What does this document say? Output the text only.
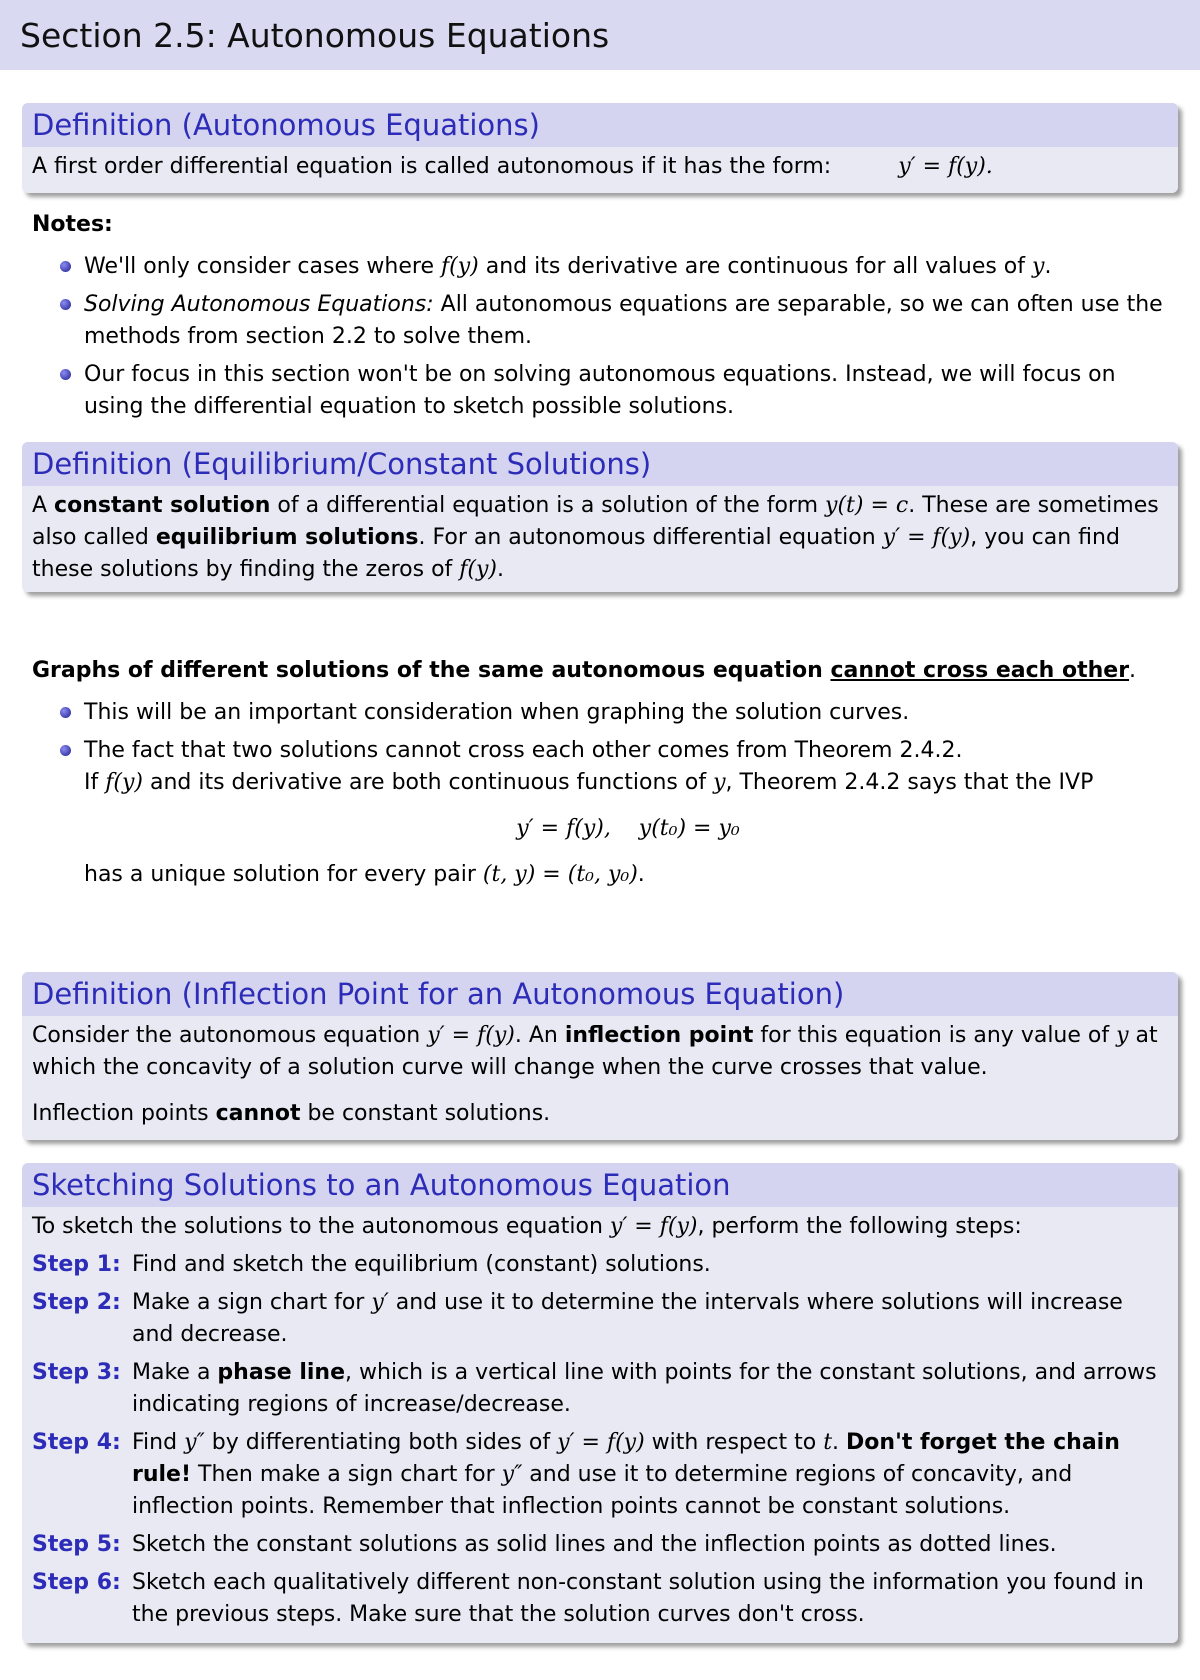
Section 2.5: Autonomous Equations
Definition (Autonomous Equations)
A first order differential equation is called autonomous if it has the form:	y′ = f(y).
Notes:
We'll only consider cases where f(y) and its derivative are continuous for all values of y.
Solving Autonomous Equations: All autonomous equations are separable, so we can often use the methods from section 2.2 to solve them.
Our focus in this section won't be on solving autonomous equations. Instead, we will focus on using the differential equation to sketch possible solutions.
Definition (Equilibrium/Constant Solutions)
A constant solution of a differential equation is a solution of the form y(t) = c. These are sometimes also called equilibrium solutions. For an autonomous differential equation y′ = f(y), you can find these solutions by finding the zeros of f(y).
Graphs of different solutions of the same autonomous equation cannot cross each other.
This will be an important consideration when graphing the solution curves.
The fact that two solutions cannot cross each other comes from Theorem 2.4.2.
If f(y) and its derivative are both continuous functions of y, Theorem 2.4.2 says that the IVP
y′ = f(y),    y(t₀) = y₀
has a unique solution for every pair (t, y) = (t₀, y₀).
Definition (Inflection Point for an Autonomous Equation)
Consider the autonomous equation y′ = f(y). An inflection point for this equation is any value of y at which the concavity of a solution curve will change when the curve crosses that value.
Inflection points cannot be constant solutions.
Sketching Solutions to an Autonomous Equation
To sketch the solutions to the autonomous equation y′ = f(y), perform the following steps:
Step 1: Find and sketch the equilibrium (constant) solutions.
Step 2: Make a sign chart for y′ and use it to determine the intervals where solutions will increase and decrease.
Step 3: Make a phase line, which is a vertical line with points for the constant solutions, and arrows indicating regions of increase/decrease.
Step 4: Find y″ by differentiating both sides of y′ = f(y) with respect to t. Don't forget the chain rule! Then make a sign chart for y″ and use it to determine regions of concavity, and inflection points. Remember that inflection points cannot be constant solutions.
Step 5: Sketch the constant solutions as solid lines and the inflection points as dotted lines.
Step 6: Sketch each qualitatively different non-constant solution using the information you found in the previous steps. Make sure that the solution curves don't cross.
